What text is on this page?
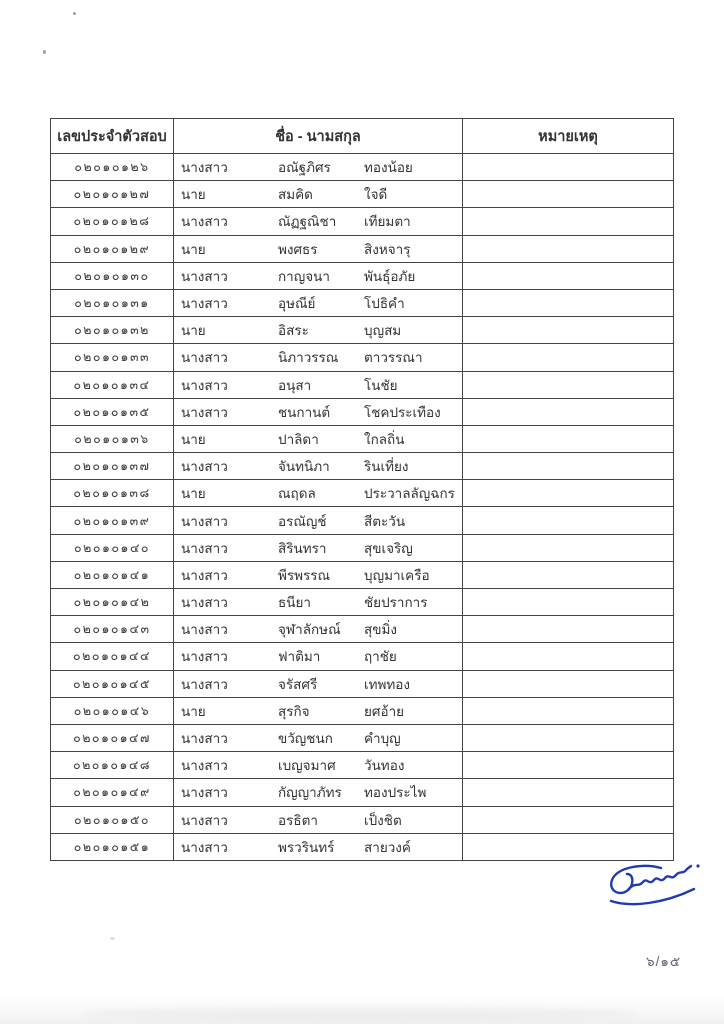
เลขประจำตัวสอบ	ชื่อ - นามสกุล	หมายเหตุ
๐๒๐๑๐๑๒๖	นางสาว อณัฐภิศร ทองน้อย	
๐๒๐๑๐๑๒๗	นาย สมคิด ใจดี	
๐๒๐๑๐๑๒๘	นางสาว ณัฏฐณิชา เทียมตา	
๐๒๐๑๐๑๒๙	นาย พงศธร สิงหจารุ	
๐๒๐๑๐๑๓๐	นางสาว กาญจนา พันธุ์อภัย	
๐๒๐๑๐๑๓๑	นางสาว อุษณีย์ โปธิคำ	
๐๒๐๑๐๑๓๒	นาย อิสระ บุญสม	
๐๒๐๑๐๑๓๓	นางสาว นิภาวรรณ ตาวรรณา	
๐๒๐๑๐๑๓๔	นางสาว อนุสา โนชัย	
๐๒๐๑๐๑๓๕	นางสาว ชนกานต์ โชคประเทือง	
๐๒๐๑๐๑๓๖	นาย ปาลิดา ใกลถิ่น	
๐๒๐๑๐๑๓๗	นางสาว จันทนิภา รินเที่ยง	
๐๒๐๑๐๑๓๘	นาย ณฤดล ประวาลลัญฉกร	
๐๒๐๑๐๑๓๙	นางสาว อรณัญช์ สีตะวัน	
๐๒๐๑๐๑๔๐	นางสาว สิรินทรา สุขเจริญ	
๐๒๐๑๐๑๔๑	นางสาว พีรพรรณ บุญมาเครือ	
๐๒๐๑๐๑๔๒	นางสาว ธนียา ชัยปราการ	
๐๒๐๑๐๑๔๓	นางสาว จุฬาลักษณ์ สุขมิ่ง	
๐๒๐๑๐๑๔๔	นางสาว ฟาติมา ฤาชัย	
๐๒๐๑๐๑๔๕	นางสาว จรัสศรี เทพทอง	
๐๒๐๑๐๑๔๖	นาย สุรกิจ ยศอ้าย	
๐๒๐๑๐๑๔๗	นางสาว ขวัญชนก คำบุญ	
๐๒๐๑๐๑๔๘	นางสาว เบญจมาศ วันทอง	
๐๒๐๑๐๑๔๙	นางสาว กัญญาภัทร ทองประไพ	
๐๒๐๑๐๑๕๐	นางสาว อรธิตา เป็งชิต	
๐๒๐๑๐๑๕๑	นางสาว พรวรินทร์ สายวงค์	
๖/๑๕
